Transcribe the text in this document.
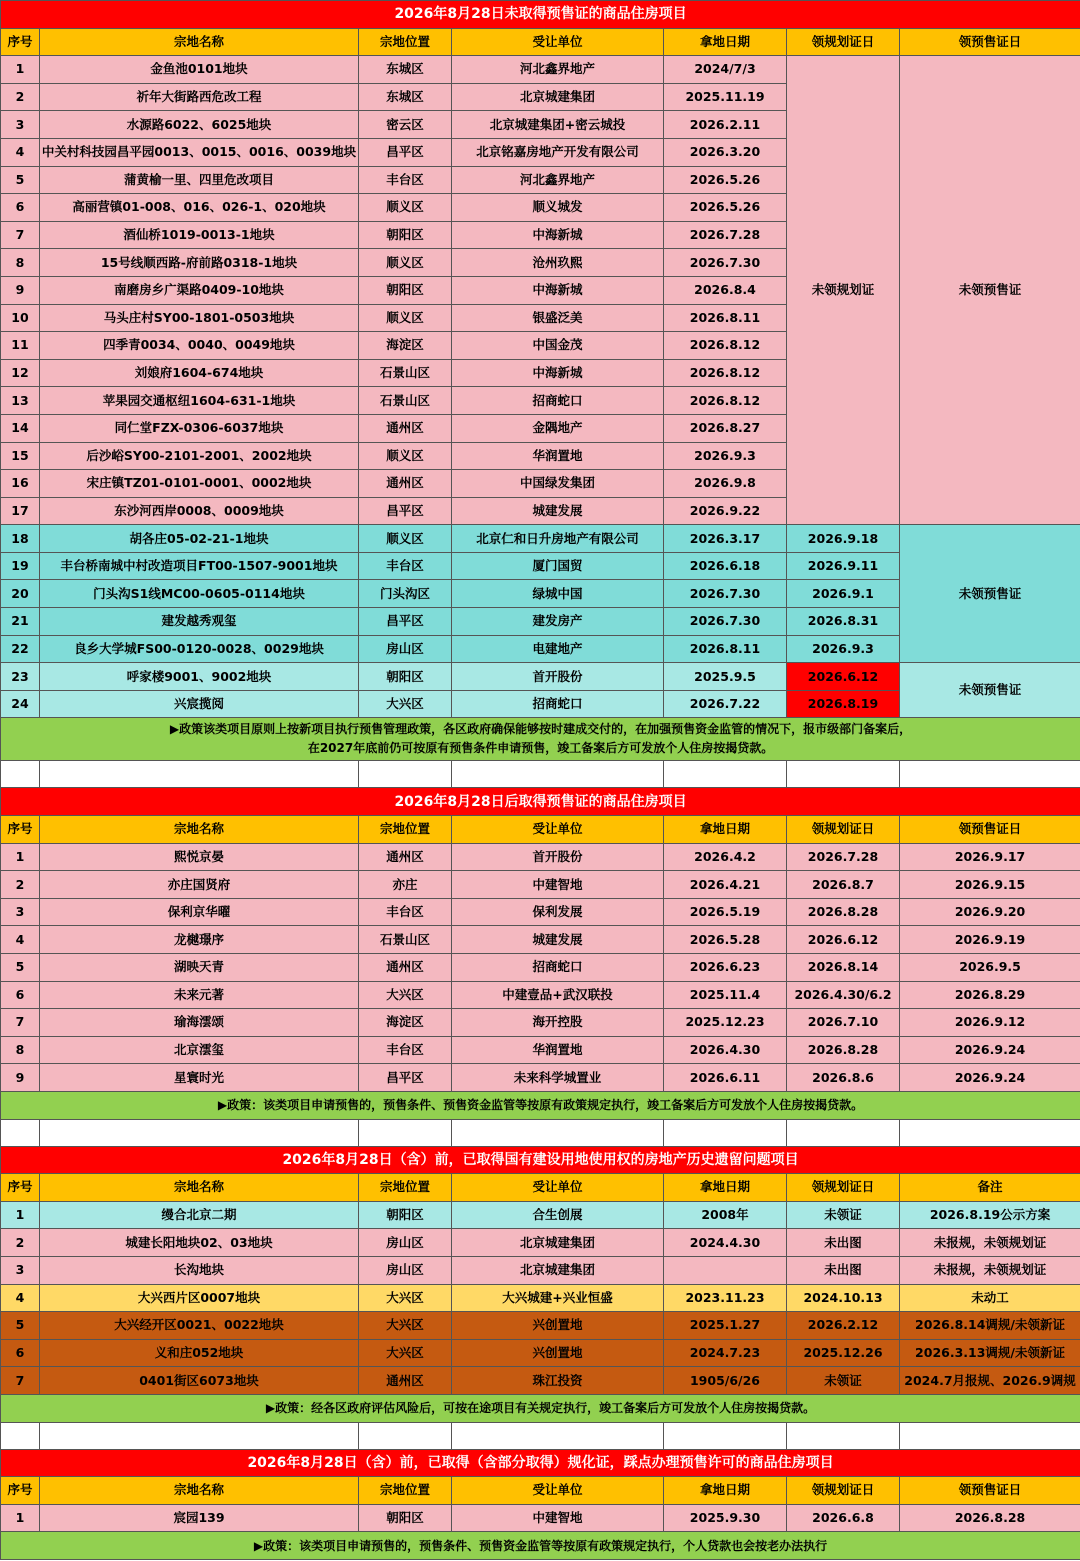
2026年8月28日未取得预售证的商品住房项目						
序号	宗地名称	宗地位置	受让单位	拿地日期	领规划证日	领预售证日
1	金鱼池0101地块	东城区	河北鑫界地产	2024/7/3	未领规划证	未领预售证
2	祈年大街路西危改工程	东城区	北京城建集团	2025.11.19		
3	水源路6022、6025地块	密云区	北京城建集团+密云城投	2026.2.11		
4	中关村科技园昌平园0013、0015、0016、0039地块	昌平区	北京铭嘉房地产开发有限公司	2026.3.20		
5	蒲黄榆一里、四里危改项目	丰台区	河北鑫界地产	2026.5.26		
6	高丽营镇01-008、016、026-1、020地块	顺义区	顺义城发	2026.5.26		
7	酒仙桥1019-0013-1地块	朝阳区	中海新城	2026.7.28		
8	15号线顺西路-府前路0318-1地块	顺义区	沧州玖熙	2026.7.30		
9	南磨房乡广渠路0409-10地块	朝阳区	中海新城	2026.8.4		
10	马头庄村SY00-1801-0503地块	顺义区	银盛泛美	2026.8.11		
11	四季青0034、0040、0049地块	海淀区	中国金茂	2026.8.12		
12	刘娘府1604-674地块	石景山区	中海新城	2026.8.12		
13	苹果园交通枢纽1604-631-1地块	石景山区	招商蛇口	2026.8.12		
14	同仁堂FZX-0306-6037地块	通州区	金隅地产	2026.8.27		
15	后沙峪SY00-2101-2001、2002地块	顺义区	华润置地	2026.9.3		
16	宋庄镇TZ01-0101-0001、0002地块	通州区	中国绿发集团	2026.9.8		
17	东沙河西岸0008、0009地块	昌平区	城建发展	2026.9.22		
18	胡各庄05-02-21-1地块	顺义区	北京仁和日升房地产有限公司	2026.3.17	2026.9.18	未领预售证
19	丰台桥南城中村改造项目FT00-1507-9001地块	丰台区	厦门国贸	2026.6.18	2026.9.11	
20	门头沟S1线MC00-0605-0114地块	门头沟区	绿城中国	2026.7.30	2026.9.1	
21	建发越秀观玺	昌平区	建发房产	2026.7.30	2026.8.31	
22	良乡大学城FS00-0120-0028、0029地块	房山区	电建地产	2026.8.11	2026.9.3	
23	呼家楼9001、9002地块	朝阳区	首开股份	2025.9.5	2026.6.12	未领预售证
24	兴宸揽阅	大兴区	招商蛇口	2026.7.22	2026.8.19	

▶政策该类项目原则上按新项目执行预售管理政策，各区政府确保能够按时建成交付的，在加强预售资金监管的情况下，报市级部门备案后，
在2027年底前仍可按原有预售条件申请预售，竣工备案后方可发放个人住房按揭贷款。						

2026年8月28日后取得预售证的商品住房项目						
序号	宗地名称	宗地位置	受让单位	拿地日期	领规划证日	领预售证日
1	熙悦京晏	通州区	首开股份	2026.4.2	2026.7.28	2026.9.17
2	亦庄国贤府	亦庄	中建智地	2026.4.21	2026.8.7	2026.9.15
3	保利京华曜	丰台区	保利发展	2026.5.19	2026.8.28	2026.9.20
4	龙樾璟序	石景山区	城建发展	2026.5.28	2026.6.12	2026.9.19
5	湖映天青	通州区	招商蛇口	2026.6.23	2026.8.14	2026.9.5
6	未来元著	大兴区	中建壹品+武汉联投	2025.11.4	2026.4.30/6.2	2026.8.29
7	瑜海澐颂	海淀区	海开控股	2025.12.23	2026.7.10	2026.9.12
8	北京澐玺	丰台区	华润置地	2026.4.30	2026.8.28	2026.9.24
9	星寰时光	昌平区	未来科学城置业	2026.6.11	2026.8.6	2026.9.24

▶政策：该类项目申请预售的，预售条件、预售资金监管等按原有政策规定执行，竣工备案后方可发放个人住房按揭贷款。						

2026年8月28日（含）前，已取得国有建设用地使用权的房地产历史遗留问题项目						
序号	宗地名称	宗地位置	受让单位	拿地日期	领规划证日	备注
1	缦合北京二期	朝阳区	合生创展	2008年	未领证	2026.8.19公示方案
2	城建长阳地块02、03地块	房山区	北京城建集团	2024.4.30	未出图	未报规，未领规划证
3	长沟地块	房山区	北京城建集团		未出图	未报规，未领规划证
4	大兴西片区0007地块	大兴区	大兴城建+兴业恒盛	2023.11.23	2024.10.13	未动工
5	大兴经开区0021、0022地块	大兴区	兴创置地	2025.1.27	2026.2.12	2026.8.14调规/未领新证
6	义和庄052地块	大兴区	兴创置地	2024.7.23	2025.12.26	2026.3.13调规/未领新证
7	0401街区6073地块	通州区	珠江投资	1905/6/26	未领证	2024.7月报规、2026.9调规

▶政策：经各区政府评估风险后，可按在途项目有关规定执行，竣工备案后方可发放个人住房按揭贷款。						

2026年8月28日（含）前，已取得（含部分取得）规化证，踩点办理预售许可的商品住房项目						
序号	宗地名称	宗地位置	受让单位	拿地日期	领规划证日	领预售证日
1	宸园139	朝阳区	中建智地	2025.9.30	2026.6.8	2026.8.28

▶政策：该类项目申请预售的，预售条件、预售资金监管等按原有政策规定执行，个人贷款也会按老办法执行						
